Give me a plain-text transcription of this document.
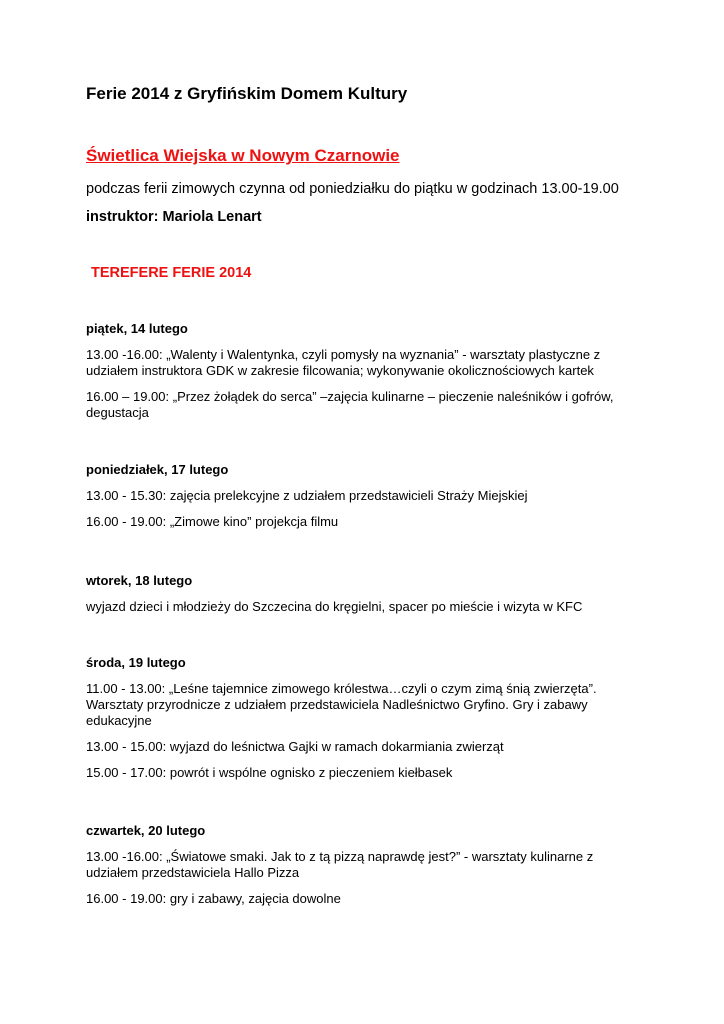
Ferie 2014 z Gryfińskim Domem Kultury
Świetlica Wiejska w Nowym Czarnowie
podczas ferii zimowych czynna od poniedziałku do piątku w godzinach 13.00-19.00
instruktor: Mariola Lenart
TEREFERE FERIE 2014
piątek, 14 lutego
13.00 -16.00: „Walenty i Walentynka, czyli pomysły na wyznania” - warsztaty plastyczne z udziałem instruktora GDK w zakresie filcowania; wykonywanie okolicznościowych kartek
16.00 – 19.00: „Przez żołądek do serca” –zajęcia kulinarne – pieczenie naleśników i gofrów, degustacja
poniedziałek, 17 lutego
13.00 - 15.30: zajęcia prelekcyjne z udziałem przedstawicieli Straży Miejskiej
16.00 - 19.00: „Zimowe kino” projekcja filmu
wtorek, 18 lutego
wyjazd dzieci i młodzieży do Szczecina do kręgielni, spacer po mieście i wizyta w KFC
środa, 19 lutego
11.00 - 13.00: „Leśne tajemnice zimowego królestwa…czyli o czym zimą śnią zwierzęta”. Warsztaty przyrodnicze z udziałem przedstawiciela Nadleśnictwo Gryfino. Gry i zabawy edukacyjne
13.00 - 15.00: wyjazd do leśnictwa Gajki w ramach dokarmiania zwierząt
15.00 - 17.00: powrót i wspólne ognisko z pieczeniem kiełbasek
czwartek, 20 lutego
13.00 -16.00: „Światowe smaki. Jak to z tą pizzą naprawdę jest?” - warsztaty kulinarne z udziałem przedstawiciela Hallo Pizza
16.00 - 19.00: gry i zabawy, zajęcia dowolne
